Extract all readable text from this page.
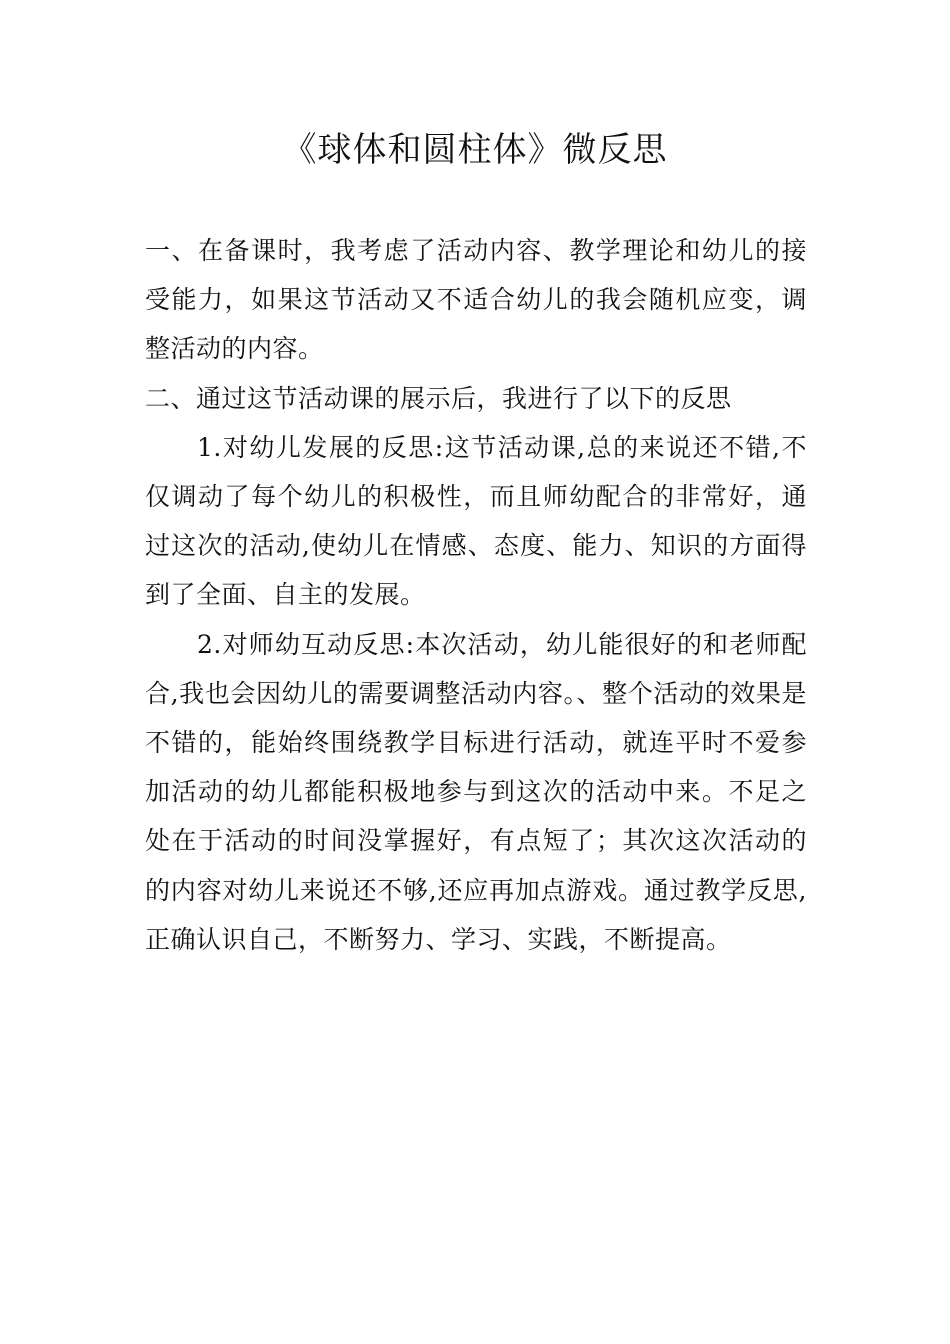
《球体和圆柱体》微反思

一、在备课时，我考虑了活动内容、教学理论和幼儿的接受能力，如果这节活动又不适合幼儿的我会随机应变，调整活动的内容。

二、通过这节活动课的展示后，我进行了以下的反思

1.对幼儿发展的反思:这节活动课,总的来说还不错,不仅调动了每个幼儿的积极性，而且师幼配合的非常好，通过这次的活动,使幼儿在情感、态度、能力、知识的方面得到了全面、自主的发展。

2.对师幼互动反思:本次活动，幼儿能很好的和老师配合,我也会因幼儿的需要调整活动内容。、整个活动的效果是不错的，能始终围绕教学目标进行活动，就连平时不爱参加活动的幼儿都能积极地参与到这次的活动中来。不足之处在于活动的时间没掌握好，有点短了；其次这次活动的的内容对幼儿来说还不够,还应再加点游戏。通过教学反思,正确认识自己，不断努力、学习、实践，不断提高。
